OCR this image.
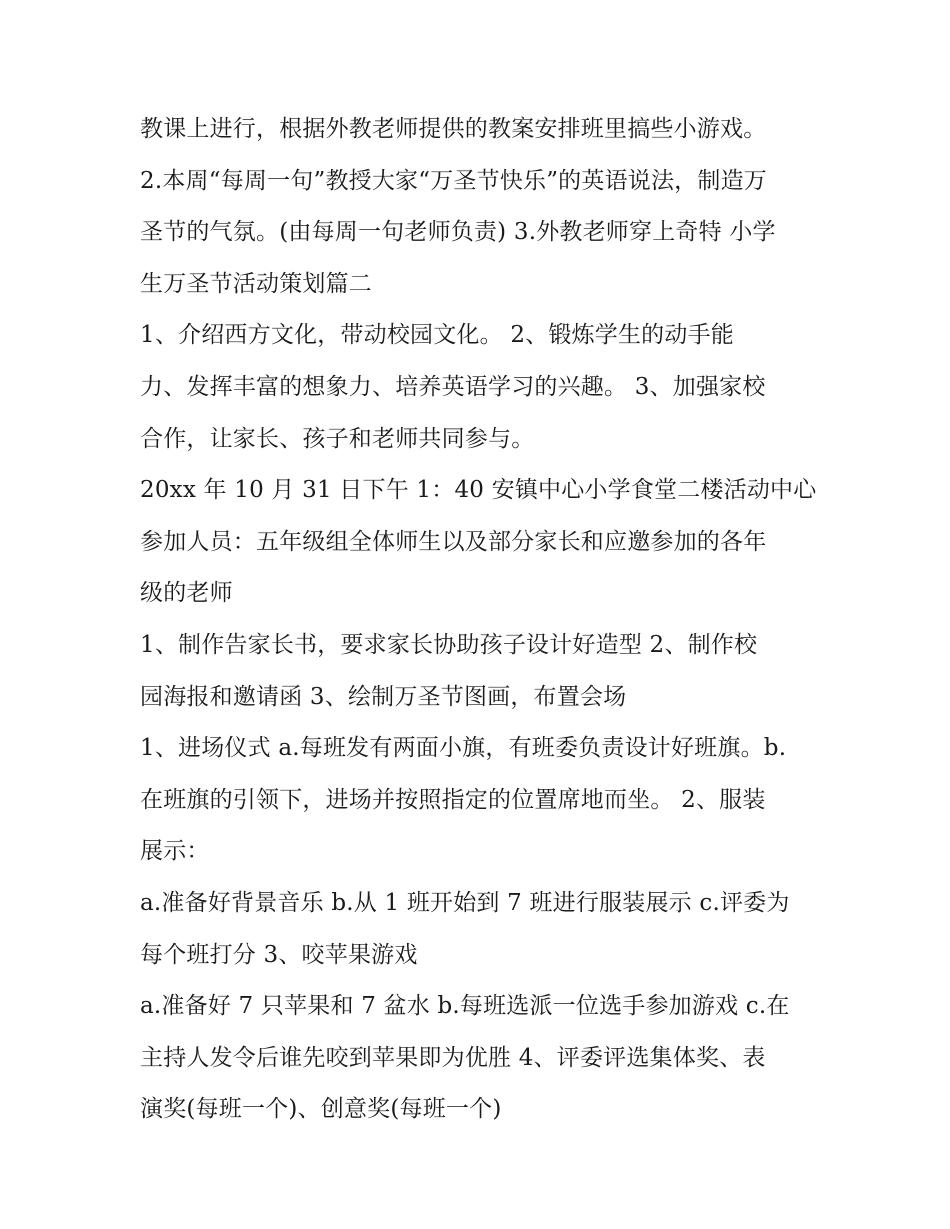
教课上进行，根据外教老师提供的教案安排班里搞些小游戏。
2.本周“每周一句”教授大家“万圣节快乐”的英语说法，制造万
圣节的气氛。(由每周一句老师负责) 3.外教老师穿上奇特 小学
生万圣节活动策划篇二
1、介绍西方文化，带动校园文化。 2、锻炼学生的动手能
力、发挥丰富的想象力、培养英语学习的兴趣。 3、加强家校
合作，让家长、孩子和老师共同参与。
20xx 年 10 月 31 日下午 1：40 安镇中心小学食堂二楼活动中心
参加人员：五年级组全体师生以及部分家长和应邀参加的各年
级的老师
1、制作告家长书，要求家长协助孩子设计好造型 2、制作校
园海报和邀请函 3、绘制万圣节图画，布置会场
1、进场仪式 a.每班发有两面小旗，有班委负责设计好班旗。b.
在班旗的引领下，进场并按照指定的位置席地而坐。 2、服装
展示：
a.准备好背景音乐 b.从 1 班开始到 7 班进行服装展示 c.评委为
每个班打分 3、咬苹果游戏
a.准备好 7 只苹果和 7 盆水 b.每班选派一位选手参加游戏 c.在
主持人发令后谁先咬到苹果即为优胜 4、评委评选集体奖、表
演奖(每班一个)、创意奖(每班一个)
